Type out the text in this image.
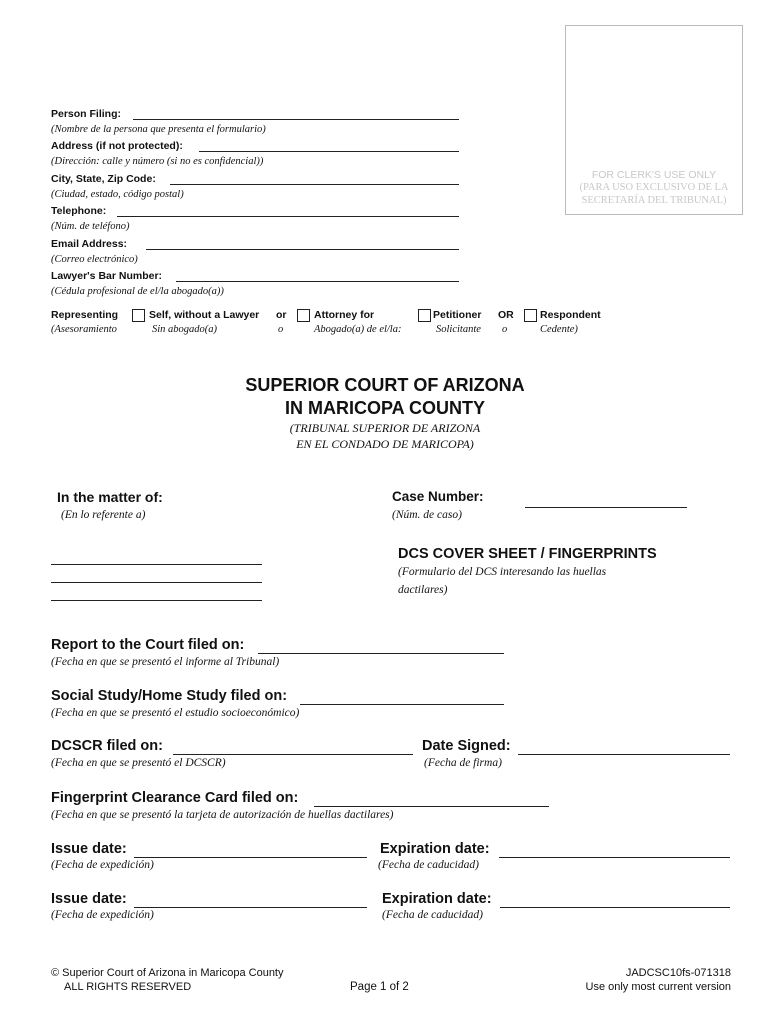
FOR CLERK'S USE ONLY
(PARA USO EXCLUSIVO DE LA
SECRETARÍA DEL TRIBUNAL)
Person Filing:
(Nombre de la persona que presenta el formulario)
Address (if not protected):
(Dirección: calle y número (si no es confidencial))
City, State, Zip Code:
(Ciudad, estado, código postal)
Telephone:
(Núm. de teléfono)
Email Address:
(Correo electrónico)
Lawyer's Bar Number:
(Cédula profesional de el/la abogado(a))
Representing
(Asesoramiento
Self, without a Lawyer
Sin abogado(a)
or
o
Attorney for
Abogado(a) de el/la:
Petitioner
Solicitante
OR
o
Respondent
Cedente)
SUPERIOR COURT OF ARIZONA
IN MARICOPA COUNTY
(TRIBUNAL SUPERIOR DE ARIZONA
EN EL CONDADO DE MARICOPA)
In the matter of:
(En lo referente a)
Case Number:
(Núm. de caso)
DCS COVER SHEET / FINGERPRINTS
(Formulario del DCS interesando las huellas
dactilares)
Report to the Court filed on:
(Fecha en que se presentó el informe al Tribunal)
Social Study/Home Study filed on:
(Fecha en que se presentó el estudio socioeconómico)
DCSCR filed on:
(Fecha en que se presentó el DCSCR)
Date Signed:
(Fecha de firma)
Fingerprint Clearance Card filed on:
(Fecha en que se presentó la tarjeta de autorización de huellas dactilares)
Issue date:
(Fecha de expedición)
Expiration date:
(Fecha de caducidad)
Issue date:
(Fecha de expedición)
Expiration date:
(Fecha de caducidad)
© Superior Court of Arizona in Maricopa County
ALL RIGHTS RESERVED	Page 1 of 2
JADCSC10fs-071318
Use only most current version
